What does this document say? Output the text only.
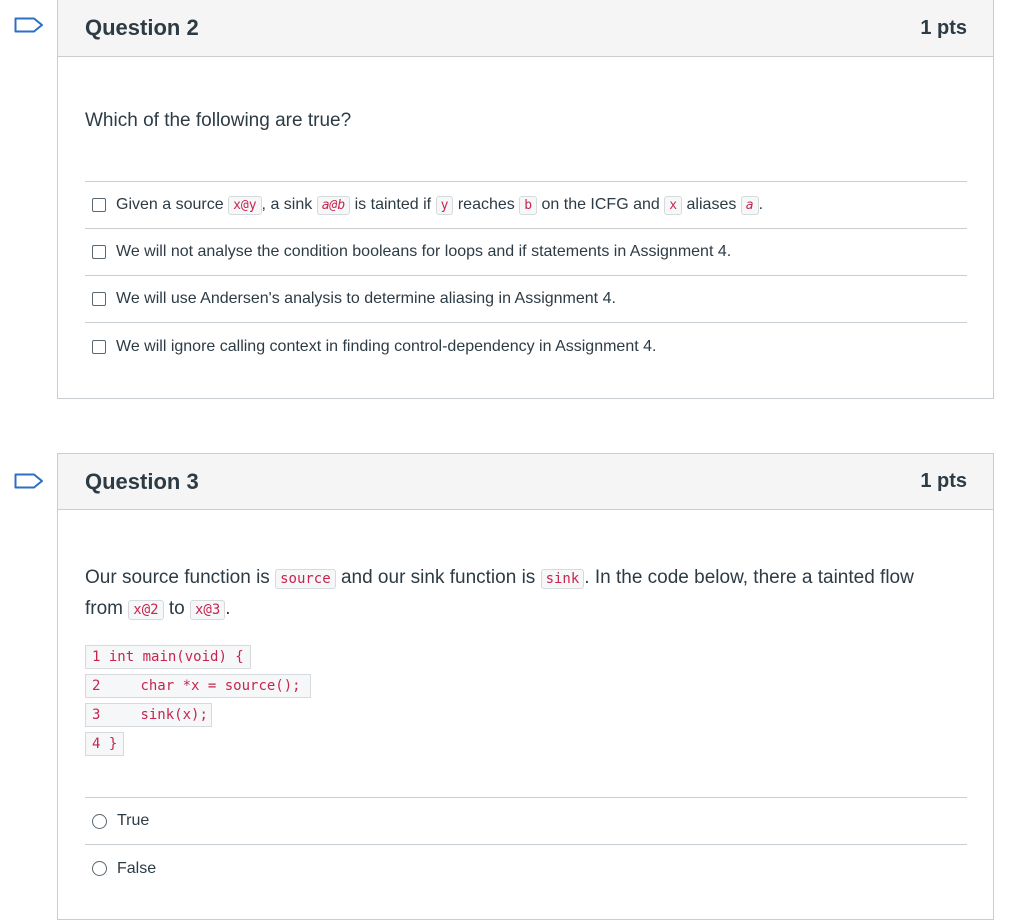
Question 2	1 pts
Which of the following are true?
Given a source x@y , a sink a@b is tainted if y reaches b on the ICFG and x aliases a .
We will not analyse the condition booleans for loops and if statements in Assignment 4.
We will use Andersen's analysis to determine aliasing in Assignment 4.
We will ignore calling context in finding control-dependency in Assignment 4.
Question 3	1 pts
Our source function is source and our sink function is sink . In the code below, there a tainted flow
from x@2 to x@3 .
1 int main(void) {
2	char *x = source();
3	sink(x);
4 }
True
False
